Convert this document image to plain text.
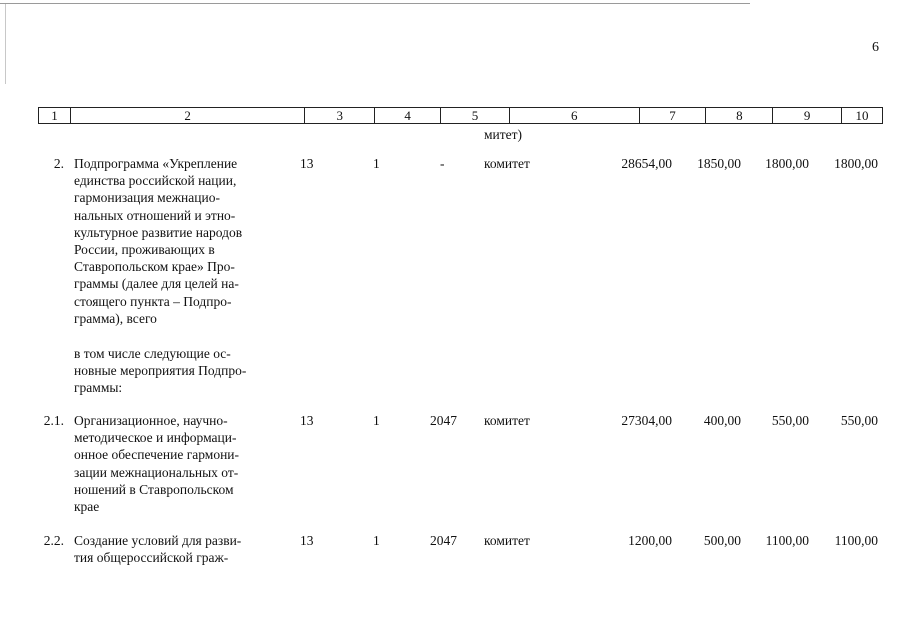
6
1	2	3	4	5	6	7	8	9	10
митет)
2. Подпрограмма «Укрепление
единства российской нации,
гармонизация межнацио-
нальных отношений и этно-
культурное развитие народов
России, проживающих в
Ставропольском крае» Про-
граммы (далее для целей на-
стоящего пункта – Подпро-
грамма), всего
13	1	-	комитет	28654,00	1850,00	1800,00	1800,00
в том числе следующие ос-
новные мероприятия Подпро-
граммы:
2.1. Организационное, научно-
методическое и информаци-
онное обеспечение гармони-
зации межнациональных от-
ношений в Ставропольском
крае
13	1	2047 комитет	27304,00	400,00	550,00	550,00
2.2. Создание условий для разви-
тия общероссийской граж-
13	1	2047 комитет	1200,00	500,00	1100,00	1100,00
